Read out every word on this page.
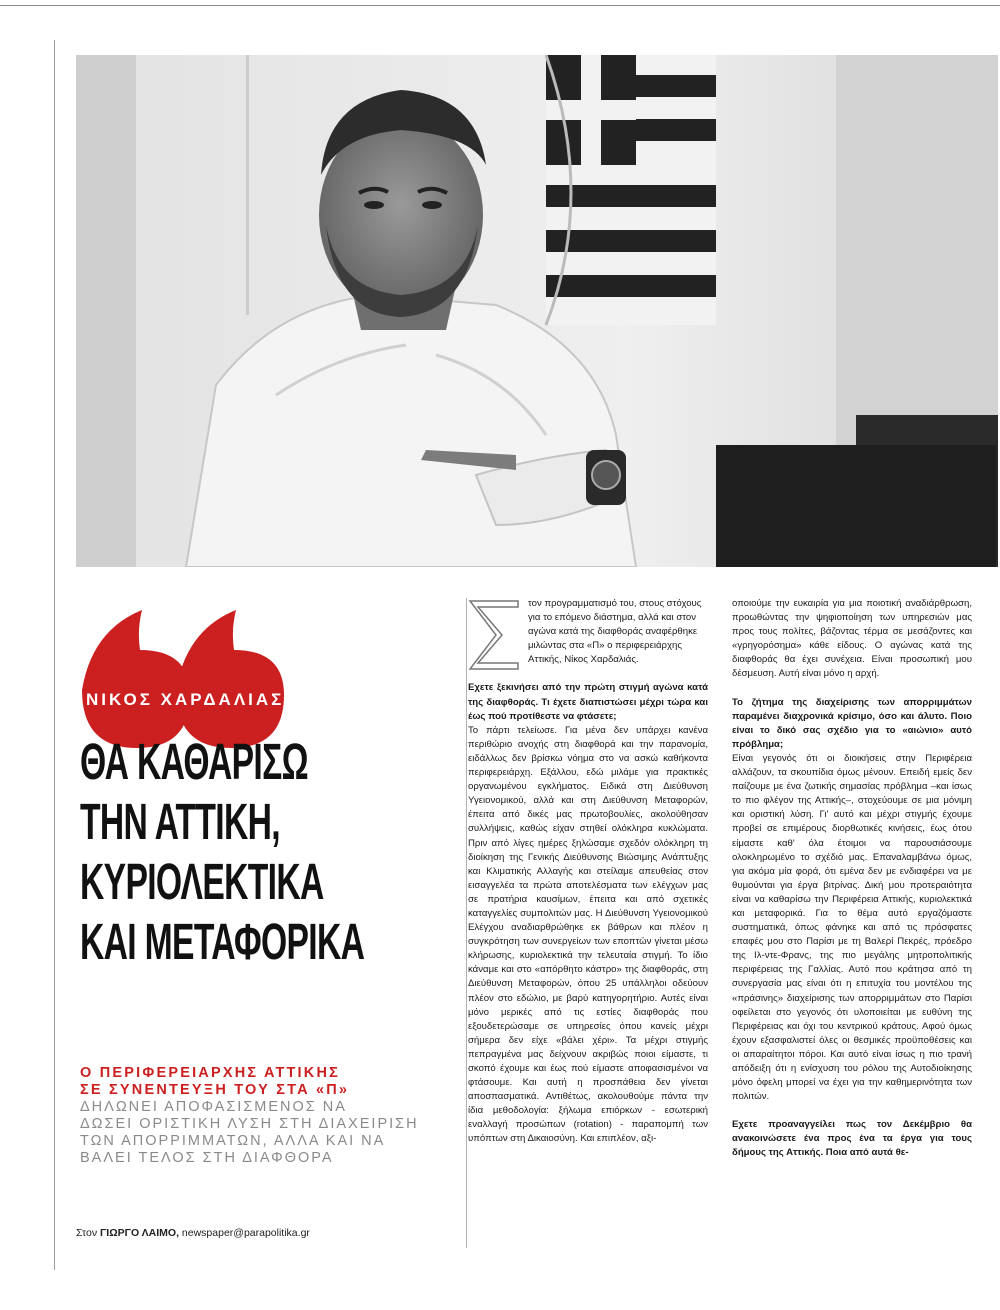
ΝΙΚΟΣ ΧΑΡΔΑΛΙΑΣ
ΘΑ ΚΑΘΑΡΙΣΩ
ΤΗΝ ΑΤΤΙΚΗ,
ΚΥΡΙΟΛΕΚΤΙΚΑ
ΚΑΙ ΜΕΤΑΦΟΡΙΚΑ
Ο ΠΕΡΙΦΕΡΕΙΑΡΧΗΣ ΑΤΤΙΚΗΣ
ΣΕ ΣΥΝΕΝΤΕΥΞΗ ΤΟΥ ΣΤΑ «Π»
ΔΗΛΩΝΕΙ ΑΠΟΦΑΣΙΣΜΕΝΟΣ ΝΑ
ΔΩΣΕΙ ΟΡΙΣΤΙΚΗ ΛΥΣΗ ΣΤΗ ΔΙΑΧΕΙΡΙΣΗ
ΤΩΝ ΑΠΟΡΡΙΜΜΑΤΩΝ, ΑΛΛΑ ΚΑΙ ΝΑ
ΒΑΛΕΙ ΤΕΛΟΣ ΣΤΗ ΔΙΑΦΘΟΡΑ
Στον ΓΙΩΡΓΟ ΛΑΙΜΟ, newspaper@parapolitika.gr

τον προγραμματισμό του, στους στόχους για το επόμενο διάστημα, αλλά και στον αγώνα κατά της διαφθοράς αναφέρθηκε μιλώντας στα «Π» ο περιφερειάρχης Αττικής, Νίκος Χαρδαλιάς.

Εχετε ξεκινήσει από την πρώτη στιγμή αγώνα κατά της διαφθοράς. Τι έχετε διαπιστώσει μέχρι τώρα και έως πού προτίθεστε να φτάσετε;

Το πάρτι τελείωσε. Για μένα δεν υπάρχει κανένα περιθώριο ανοχής στη διαφθορά και την παρανομία, ειδάλλως δεν βρίσκω νόημα στο να ασκώ καθήκοντα περιφερειάρχη. Εξάλλου, εδώ μιλάμε για πρακτικές οργανωμένου εγκλήματος. Ειδικά στη Διεύθυνση Υγειονομικού, αλλά και στη Διεύθυνση Μεταφορών, έπειτα από δικές μας πρωτοβουλίες, ακολούθησαν συλλήψεις, καθώς είχαν στηθεί ολόκληρα κυκλώματα. Πριν από λίγες ημέρες ξηλώσαμε σχεδόν ολόκληρη τη διοίκηση της Γενικής Διεύθυνσης Βιώσιμης Ανάπτυξης και Κλιματικής Αλλαγής και στείλαμε απευθείας στον εισαγγελέα τα πρώτα αποτελέσματα των ελέγχων μας σε πρατήρια καυσίμων, έπειτα και από σχετικές καταγγελίες συμπολιτών μας. Η Διεύθυνση Υγειονομικού Ελέγχου αναδιαρθρώθηκε εκ βάθρων και πλέον η συγκρότηση των συνεργείων των εποπτών γίνεται μέσω κλήρωσης, κυριολεκτικά την τελευταία στιγμή. Το ίδιο κάναμε και στο «απόρθητο κάστρο» της διαφθοράς, στη Διεύθυνση Μεταφορών, όπου 25 υπάλληλοι οδεύουν πλέον στο εδώλιο, με βαρύ κατηγορητήριο. Αυτές είναι μόνο μερικές από τις εστίες διαφθοράς που εξουδετερώσαμε σε υπηρεσίες όπου κανείς μέχρι σήμερα δεν είχε «βάλει χέρι». Τα μέχρι στιγμής πεπραγμένα μας δείχνουν ακριβώς ποιοι είμαστε, τι σκοπό έχουμε και έως πού είμαστε αποφασισμένοι να φτάσουμε. Και αυτή η προσπάθεια δεν γίνεται αποσπασματικά. Αντιθέτως, ακολουθούμε πάντα την ίδια μεθοδολογία: ξήλωμα επιόρκων - εσωτερική εναλλαγή προσώπων (rotation) - παραπομπή των υπόπτων στη Δικαιοσύνη. Και επιπλέον, αξι-

οποιούμε την ευκαιρία για μια ποιοτική αναδιάρθρωση, προωθώντας την ψηφιοποίηση των υπηρεσιών μας προς τους πολίτες, βάζοντας τέρμα σε μεσάζοντες και «γρηγορόσημα» κάθε είδους. Ο αγώνας κατά της διαφθοράς θα έχει συνέχεια. Είναι προσωπική μου δέσμευση. Αυτή είναι μόνο η αρχή.

Το ζήτημα της διαχείρισης των απορριμμάτων παραμένει διαχρονικά κρίσιμο, όσο και άλυτο. Ποιο είναι το δικό σας σχέδιο για το «αιώνιο» αυτό πρόβλημα;

Είναι γεγονός ότι οι διοικήσεις στην Περιφέρεια αλλάζουν, τα σκουπίδια όμως μένουν. Επειδή εμείς δεν παίζουμε με ένα ζωτικής σημασίας πρόβλημα –και ίσως το πιο φλέγον της Αττικής–, στοχεύουμε σε μια μόνιμη και οριστική λύση. Γι' αυτό και μέχρι στιγμής έχουμε προβεί σε επιμέρους διορθωτικές κινήσεις, έως ότου είμαστε καθ' όλα έτοιμοι να παρουσιάσουμε ολοκληρωμένο το σχέδιό μας. Επαναλαμβάνω όμως, για ακόμα μία φορά, ότι εμένα δεν με ενδιαφέρει να με θυμούνται για έργα βιτρίνας. Δική μου προτεραιότητα είναι να καθαρίσω την Περιφέρεια Αττικής, κυριολεκτικά και μεταφορικά. Για το θέμα αυτό εργαζόμαστε συστηματικά, όπως φάνηκε και από τις πρόσφατες επαφές μου στο Παρίσι με τη Βαλερί Πεκρές, πρόεδρο της Ιλ-ντε-Φρανς, της πιο μεγάλης μητροπολιτικής περιφέρειας της Γαλλίας. Αυτό που κράτησα από τη συνεργασία μας είναι ότι η επιτυχία του μοντέλου της «πράσινης» διαχείρισης των απορριμμάτων στο Παρίσι οφείλεται στο γεγονός ότι υλοποιείται με ευθύνη της Περιφέρειας και όχι του κεντρικού κράτους. Αφού όμως έχουν εξασφαλιστεί όλες οι θεσμικές προϋποθέσεις και οι απαραίτητοι πόροι. Και αυτό είναι ίσως η πιο τρανή απόδειξη ότι η ενίσχυση του ρόλου της Αυτοδιοίκησης μόνο όφελη μπορεί να έχει για την καθημερινότητα των πολιτών.

Εχετε προαναγγείλει πως τον Δεκέμβριο θα ανακοινώσετε ένα προς ένα τα έργα για τους δήμους της Αττικής. Ποια από αυτά θε-
